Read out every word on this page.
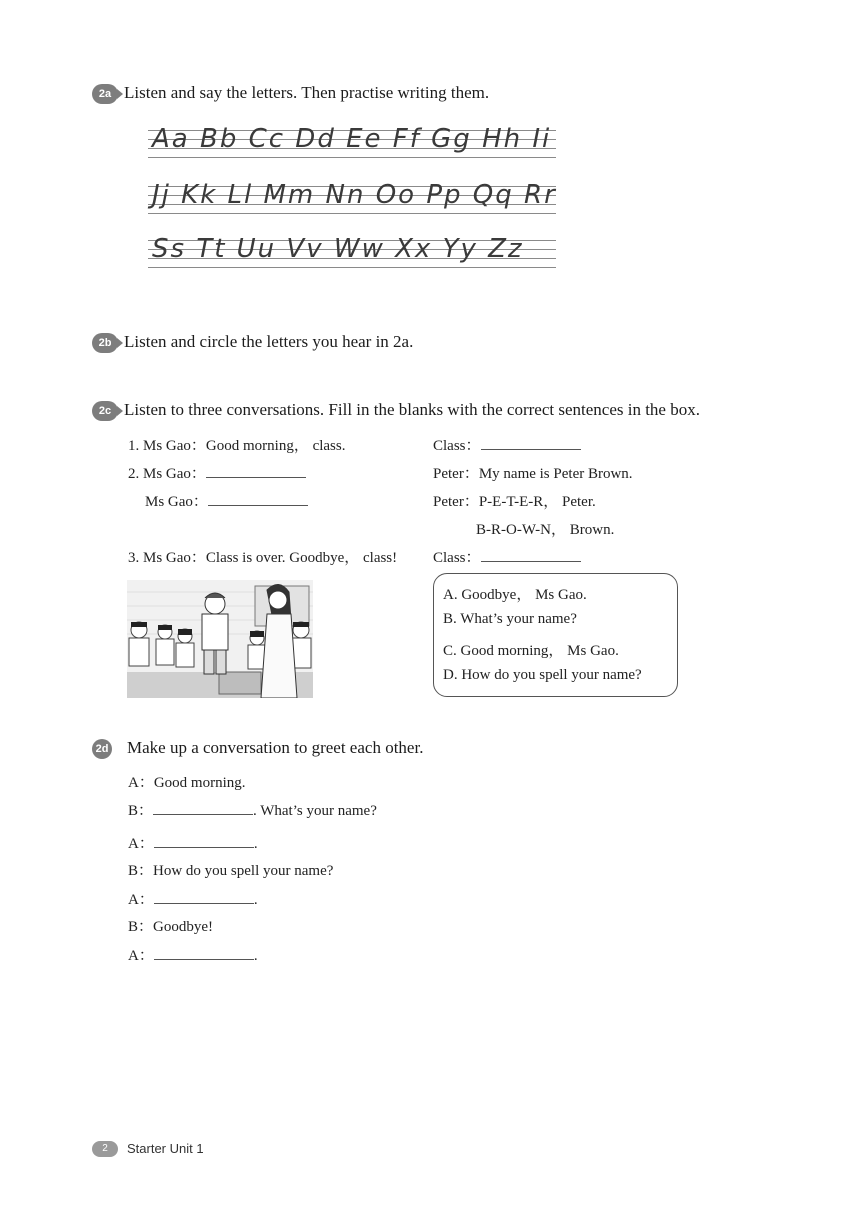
2a Listen and say the letters. Then practise writing them.
Aa Bb Cc Dd Ee Ff Gg Hh Ii
Jj Kk Ll Mm Nn Oo Pp Qq Rr
Ss Tt Uu Vv Ww Xx Yy Zz
2b Listen and circle the letters you hear in 2a.
2c Listen to three conversations. Fill in the blanks with the correct sentences in the box.
1. Ms Gao：Good morning， class.
2. Ms Gao：
Ms Gao：
3. Ms Gao：Class is over. Goodbye， class!
Class：
Peter：My name is Peter Brown.
Peter：P-E-T-E-R， Peter.
B-R-O-W-N， Brown.
Class：
A. Goodbye， Ms Gao.
B. What’s your name?
C. Good morning， Ms Gao.
D. How do you spell your name?
2d Make up a conversation to greet each other.
A：Good morning.
B：	. What’s your name?
A：	.
B：How do you spell your name?
A：	.
B：Goodbye!
A：	.
2	Starter Unit 1
